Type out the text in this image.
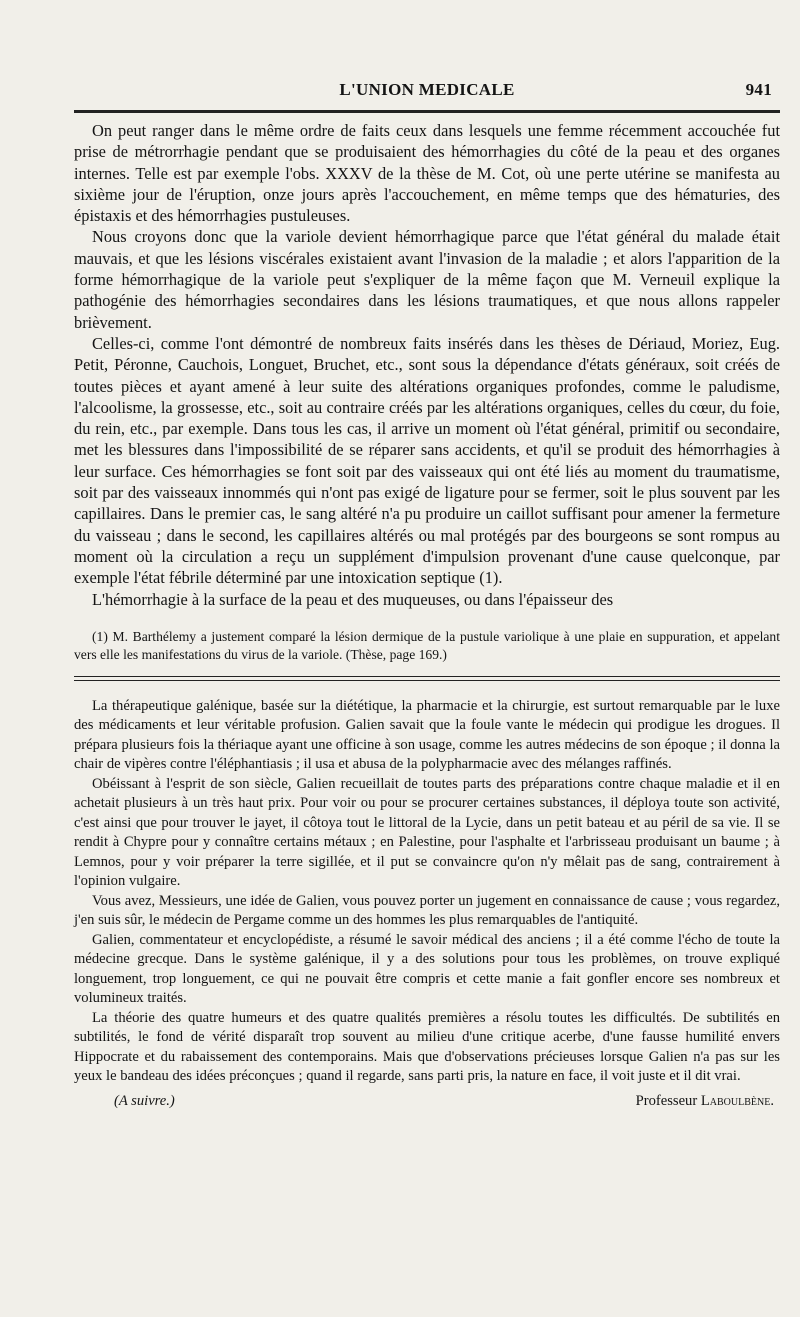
L'UNION MEDICALE	941

On peut ranger dans le même ordre de faits ceux dans lesquels une femme récemment accouchée fut prise de métrorrhagie pendant que se produisaient des hémorrhagies du côté de la peau et des organes internes. Telle est par exemple l'obs. XXXV de la thèse de M. Cot, où une perte utérine se manifesta au sixième jour de l'éruption, onze jours après l'accouchement, en même temps que des hématuries, des épistaxis et des hémorrhagies pustuleuses.

Nous croyons donc que la variole devient hémorrhagique parce que l'état général du malade était mauvais, et que les lésions viscérales existaient avant l'invasion de la maladie ; et alors l'apparition de la forme hémorrhagique de la variole peut s'expliquer de la même façon que M. Verneuil explique la pathogénie des hémorrhagies secondaires dans les lésions traumatiques, et que nous allons rappeler brièvement.

Celles-ci, comme l'ont démontré de nombreux faits insérés dans les thèses de Dériaud, Moriez, Eug. Petit, Péronne, Cauchois, Longuet, Bruchet, etc., sont sous la dépendance d'états généraux, soit créés de toutes pièces et ayant amené à leur suite des altérations organiques profondes, comme le paludisme, l'alcoolisme, la grossesse, etc., soit au contraire créés par les altérations organiques, celles du cœur, du foie, du rein, etc., par exemple. Dans tous les cas, il arrive un moment où l'état général, primitif ou secondaire, met les blessures dans l'impossibilité de se réparer sans accidents, et qu'il se produit des hémorrhagies à leur surface. Ces hémorrhagies se font soit par des vaisseaux qui ont été liés au moment du traumatisme, soit par des vaisseaux innommés qui n'ont pas exigé de ligature pour se fermer, soit le plus souvent par les capillaires. Dans le premier cas, le sang altéré n'a pu produire un caillot suffisant pour amener la fermeture du vaisseau ; dans le second, les capillaires altérés ou mal protégés par des bourgeons se sont rompus au moment où la circulation a reçu un supplément d'impulsion provenant d'une cause quelconque, par exemple l'état fébrile déterminé par une intoxication septique (1).

L'hémorrhagie à la surface de la peau et des muqueuses, ou dans l'épaisseur des

(1) M. Barthélemy a justement comparé la lésion dermique de la pustule variolique à une plaie en suppuration, et appelant vers elle les manifestations du virus de la variole. (Thèse, page 169.)

La thérapeutique galénique, basée sur la diététique, la pharmacie et la chirurgie, est surtout remarquable par le luxe des médicaments et leur véritable profusion. Galien savait que la foule vante le médecin qui prodigue les drogues. Il prépara plusieurs fois la thériaque ayant une officine à son usage, comme les autres médecins de son époque ; il donna la chair de vipères contre l'éléphantiasis ; il usa et abusa de la polypharmacie avec des mélanges raffinés.

Obéissant à l'esprit de son siècle, Galien recueillait de toutes parts des préparations contre chaque maladie et il en achetait plusieurs à un très haut prix. Pour voir ou pour se procurer certaines substances, il déploya toute son activité, c'est ainsi que pour trouver le jayet, il côtoya tout le littoral de la Lycie, dans un petit bateau et au péril de sa vie. Il se rendit à Chypre pour y connaître certains métaux ; en Palestine, pour l'asphalte et l'arbrisseau produisant un baume ; à Lemnos, pour y voir préparer la terre sigillée, et il put se convaincre qu'on n'y mêlait pas de sang, contrairement à l'opinion vulgaire.

Vous avez, Messieurs, une idée de Galien, vous pouvez porter un jugement en connaissance de cause ; vous regardez, j'en suis sûr, le médecin de Pergame comme un des hommes les plus remarquables de l'antiquité.

Galien, commentateur et encyclopédiste, a résumé le savoir médical des anciens ; il a été comme l'écho de toute la médecine grecque. Dans le système galénique, il y a des solutions pour tous les problèmes, on trouve expliqué longuement, trop longuement, ce qui ne pouvait être compris et cette manie a fait gonfler encore ses nombreux et volumineux traités.

La théorie des quatre humeurs et des quatre qualités premières a résolu toutes les difficultés. De subtilités en subtilités, le fond de vérité disparaît trop souvent au milieu d'une critique acerbe, d'une fausse humilité envers Hippocrate et du rabaissement des contemporains. Mais que d'observations précieuses lorsque Galien n'a pas sur les yeux le bandeau des idées préconçues ; quand il regarde, sans parti pris, la nature en face, il voit juste et il dit vrai.

(A suivre.)	Professeur Laboulbène.
